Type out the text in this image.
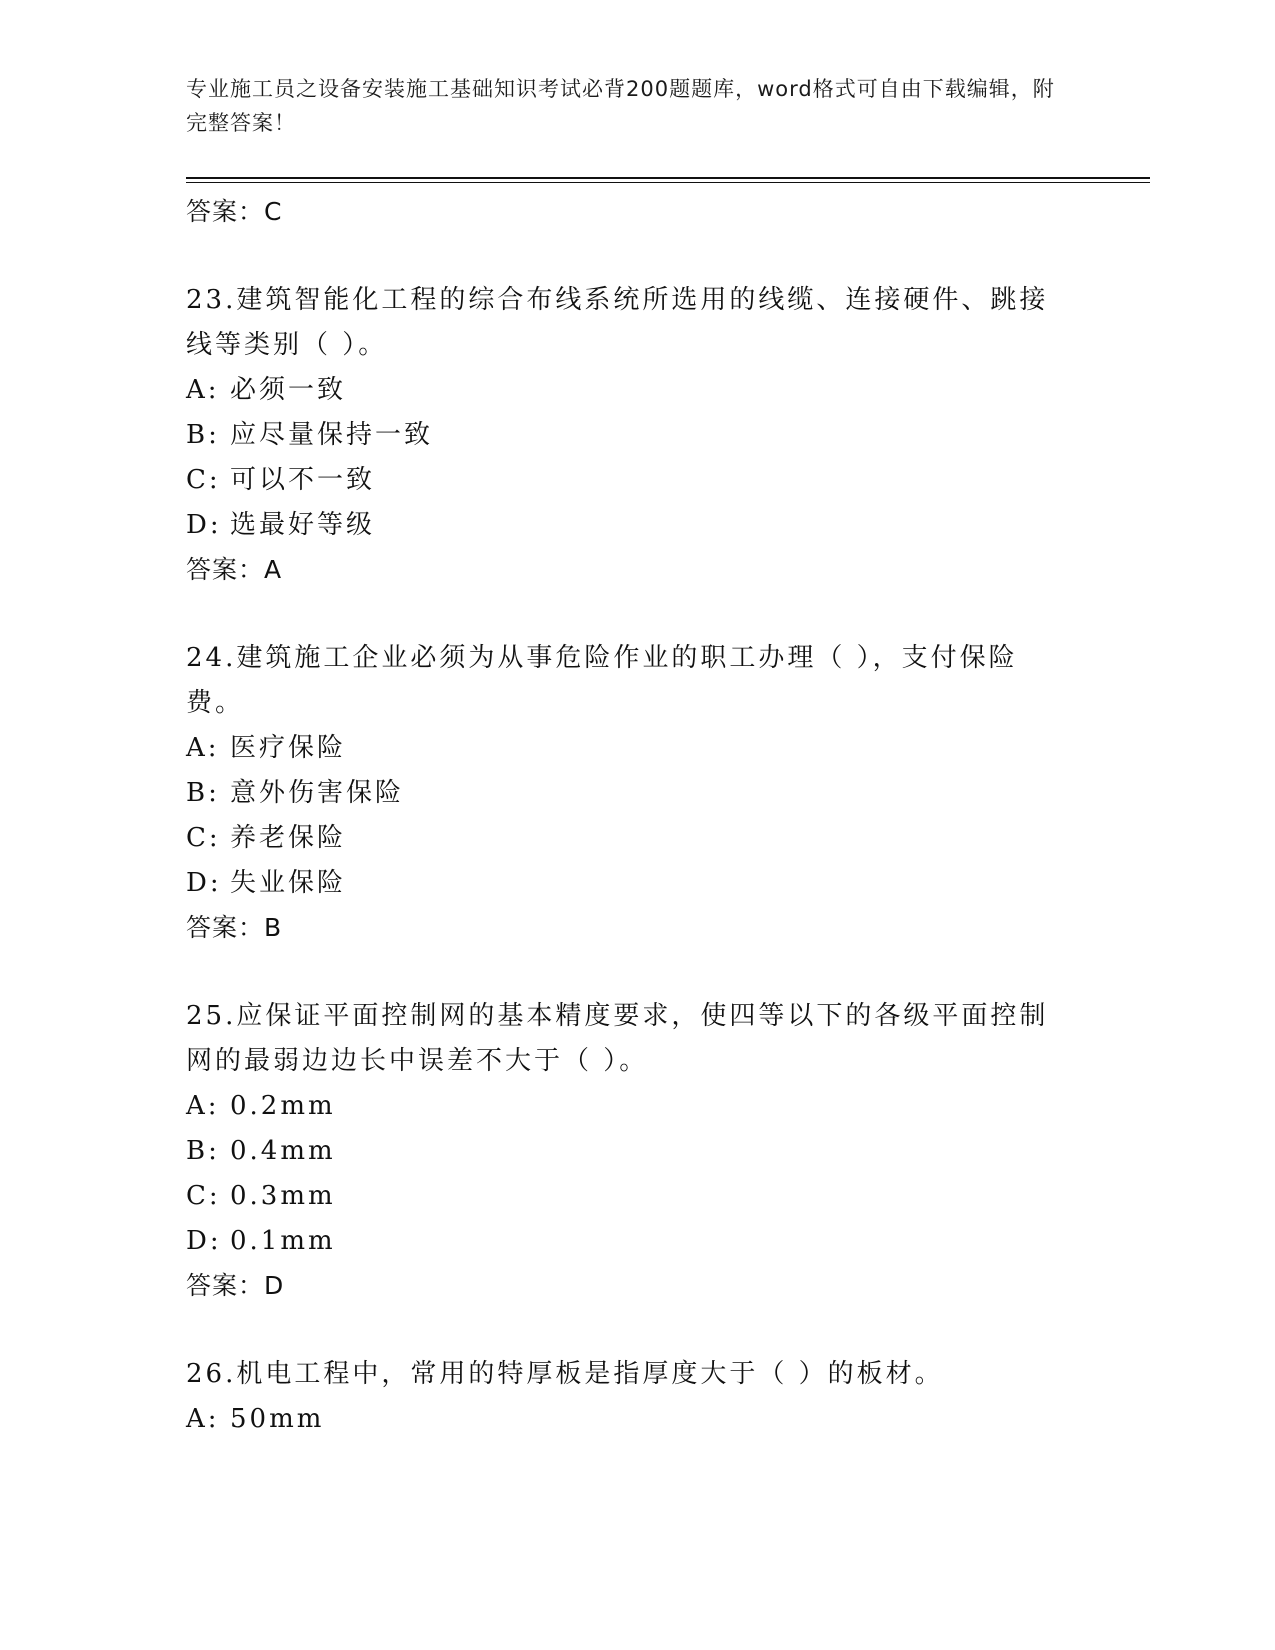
专业施工员之设备安装施工基础知识考试必背200题题库，word格式可自由下载编辑，附完整答案！
答案：C
23.建筑智能化工程的综合布线系统所选用的线缆、连接硬件、跳接线等类别（ ）。
A: 必须一致
B: 应尽量保持一致
C: 可以不一致
D: 选最好等级
答案：A
24.建筑施工企业必须为从事危险作业的职工办理（ ），支付保险费。
A: 医疗保险
B: 意外伤害保险
C: 养老保险
D: 失业保险
答案：B
25.应保证平面控制网的基本精度要求，使四等以下的各级平面控制网的最弱边边长中误差不大于（ ）。
A: 0.2mm
B: 0.4mm
C: 0.3mm
D: 0.1mm
答案：D
26.机电工程中，常用的特厚板是指厚度大于（ ）的板材。
A: 50mm
